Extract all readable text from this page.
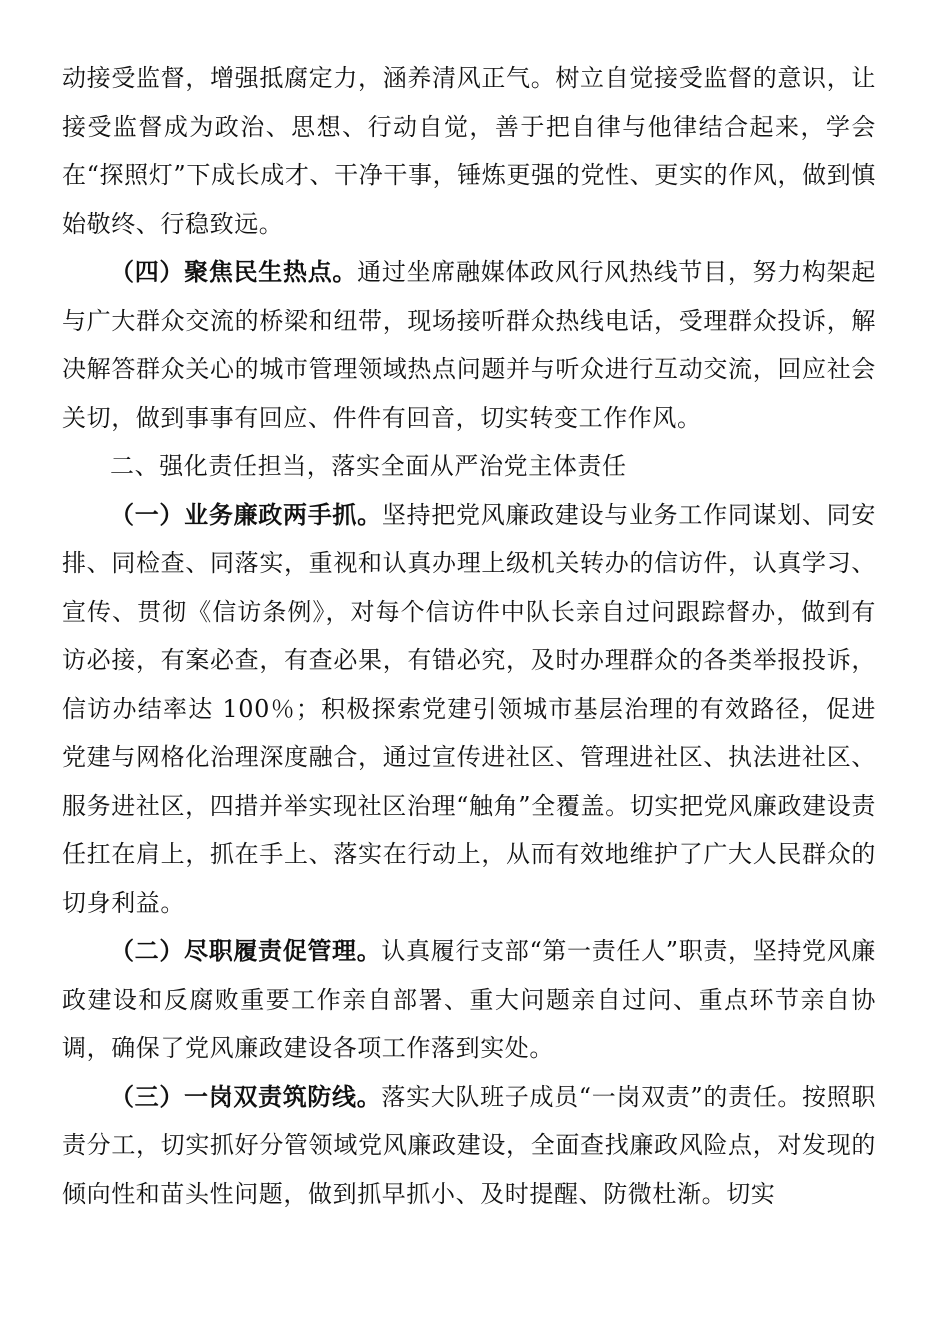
动接受监督，增强抵腐定力，涵养清风正气。树立自觉接受监督的意识，让接受监督成为政治、思想、行动自觉，善于把自律与他律结合起来，学会在“探照灯”下成长成才、干净干事，锤炼更强的党性、更实的作风，做到慎始敬终、行稳致远。

（四）聚焦民生热点。通过坐席融媒体政风行风热线节目，努力构架起与广大群众交流的桥梁和纽带，现场接听群众热线电话，受理群众投诉，解决解答群众关心的城市管理领域热点问题并与听众进行互动交流，回应社会关切，做到事事有回应、件件有回音，切实转变工作作风。

二、强化责任担当，落实全面从严治党主体责任

（一）业务廉政两手抓。坚持把党风廉政建设与业务工作同谋划、同安排、同检查、同落实，重视和认真办理上级机关转办的信访件，认真学习、宣传、贯彻《信访条例》，对每个信访件中队长亲自过问跟踪督办，做到有访必接，有案必查，有查必果，有错必究，及时办理群众的各类举报投诉，信访办结率达 100％；积极探索党建引领城市基层治理的有效路径，促进党建与网格化治理深度融合，通过宣传进社区、管理进社区、执法进社区、服务进社区，四措并举实现社区治理“触角”全覆盖。切实把党风廉政建设责任扛在肩上，抓在手上、落实在行动上，从而有效地维护了广大人民群众的切身利益。

（二）尽职履责促管理。认真履行支部“第一责任人”职责，坚持党风廉政建设和反腐败重要工作亲自部署、重大问题亲自过问、重点环节亲自协调，确保了党风廉政建设各项工作落到实处。

（三）一岗双责筑防线。落实大队班子成员“一岗双责”的责任。按照职责分工，切实抓好分管领域党风廉政建设，全面查找廉政风险点，对发现的倾向性和苗头性问题，做到抓早抓小、及时提醒、防微杜渐。切实
